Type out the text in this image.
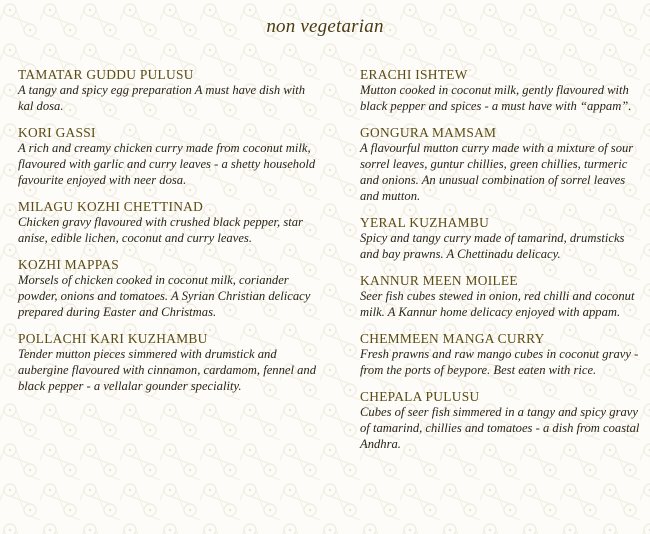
non vegetarian
TAMATAR GUDDU PULUSU
A tangy and spicy egg preparation A must have dish with kal dosa.
KORI GASSI
A rich and creamy chicken curry made from coconut milk, flavoured with garlic and curry leaves - a shetty household favourite enjoyed with neer dosa.
MILAGU KOZHI CHETTINAD
Chicken gravy flavoured with crushed black pepper, star anise, edible lichen, coconut and curry leaves.
KOZHI MAPPAS
Morsels of chicken cooked in coconut milk, coriander powder, onions and tomatoes. A Syrian Christian delicacy prepared during Easter and Christmas.
POLLACHI KARI KUZHAMBU
Tender mutton pieces simmered with drumstick and aubergine flavoured with cinnamon, cardamom, fennel and black pepper - a vellalar gounder speciality.
ERACHI ISHTEW
Mutton cooked in coconut milk, gently flavoured with black pepper and spices - a must have with “appam”.
GONGURA MAMSAM
A flavourful mutton curry made with a mixture of sour sorrel leaves, guntur chillies, green chillies, turmeric and onions. An unusual combination of sorrel leaves and mutton.
YERAL KUZHAMBU
Spicy and tangy curry made of tamarind, drumsticks and bay prawns. A Chettinadu delicacy.
KANNUR MEEN MOILEE
Seer fish cubes stewed in onion, red chilli and coconut milk. A Kannur home delicacy enjoyed with appam.
CHEMMEEN MANGA CURRY
Fresh prawns and raw mango cubes in coconut gravy - from the ports of beypore. Best eaten with rice.
CHEPALA PULUSU
Cubes of seer fish simmered in a tangy and spicy gravy of tamarind, chillies and tomatoes - a dish from coastal Andhra.
